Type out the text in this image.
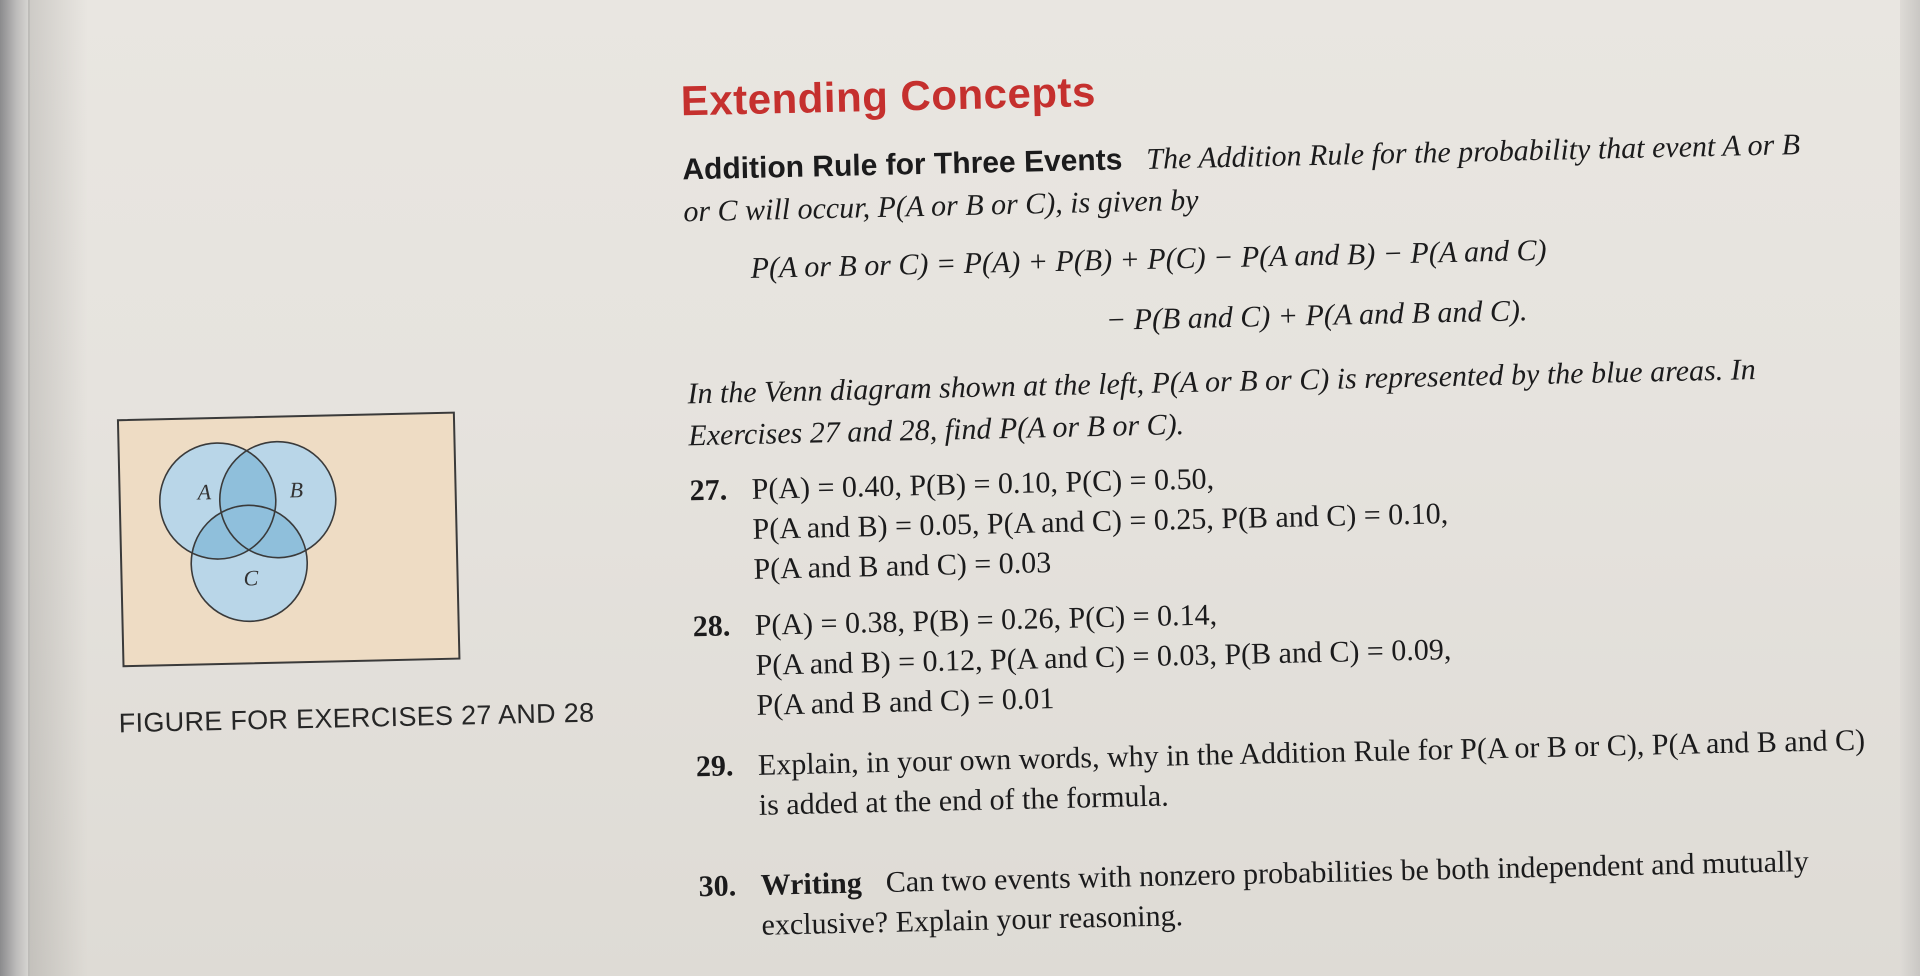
Extending Concepts
Addition Rule for Three Events The Addition Rule for the probability that event A or B or C will occur, P(A or B or C), is given by
P(A or B or C) = P(A) + P(B) + P(C) − P(A and B) − P(A and C)
− P(B and C) + P(A and B and C).
In the Venn diagram shown at the left, P(A or B or C) is represented by the blue areas. In Exercises 27 and 28, find P(A or B or C).
27. P(A) = 0.40, P(B) = 0.10, P(C) = 0.50,
P(A and B) = 0.05, P(A and C) = 0.25, P(B and C) = 0.10,
P(A and B and C) = 0.03
28. P(A) = 0.38, P(B) = 0.26, P(C) = 0.14,
P(A and B) = 0.12, P(A and C) = 0.03, P(B and C) = 0.09,
P(A and B and C) = 0.01
29. Explain, in your own words, why in the Addition Rule for P(A or B or C), P(A and B and C) is added at the end of the formula.
30. Writing Can two events with nonzero probabilities be both independent and mutually exclusive? Explain your reasoning.
A	B
C
FIGURE FOR EXERCISES 27 AND 28
